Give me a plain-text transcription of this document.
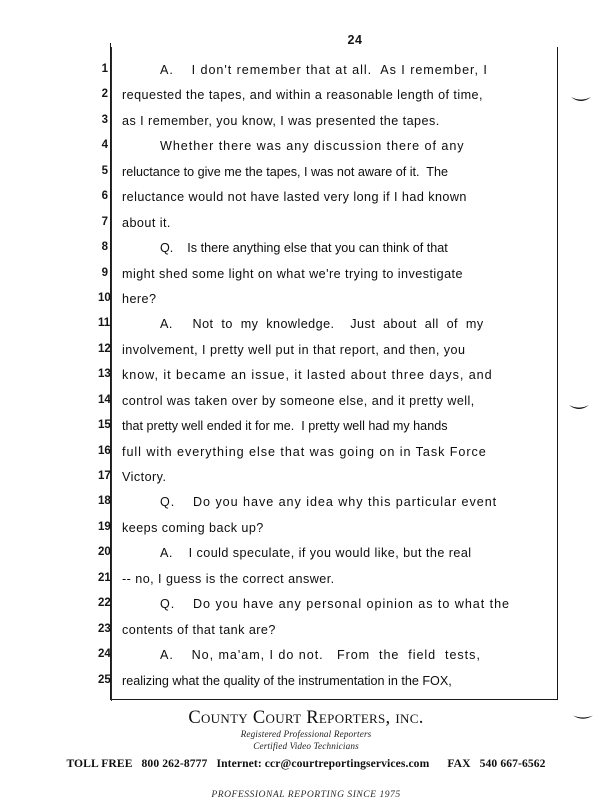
24
1	A.    I don't remember that at all.  As I remember, I
2 requested the tapes, and within a reasonable length of time,
3 as I remember, you know, I was presented the tapes.
4	Whether there was any discussion there of any
5 reluctance to give me the tapes, I was not aware of it.  The
6 reluctance would not have lasted very long if I had known
7 about it.
8	Q.    Is there anything else that you can think of that
9 might shed some light on what we're trying to investigate
10 here?
11	A.     Not  to  my  knowledge.    Just  about  all  of  my
12 involvement, I pretty well put in that report, and then, you
13 know, it became an issue, it lasted about three days, and
14 control was taken over by someone else, and it pretty well,
15 that pretty well ended it for me.  I pretty well had my hands
16 full with everything else that was going on in Task Force
17 Victory.
18	Q.    Do you have any idea why this particular event
19 keeps coming back up?
20	A.    I could speculate, if you would like, but the real
21 -- no, I guess is the correct answer.
22	Q.    Do you have any personal opinion as to what the
23 contents of that tank are?
24	A.    No, ma'am, I do not.   From  the  field  tests,
25 realizing what the quality of the instrumentation in the FOX,
County Court Reporters, inc.
Registered Professional Reporters
Certified Video Technicians
TOLL FREE 800 262-8777 Internet: ccr@courtreportingservices.com FAX 540 667-6562
PROFESSIONAL REPORTING SINCE 1975
